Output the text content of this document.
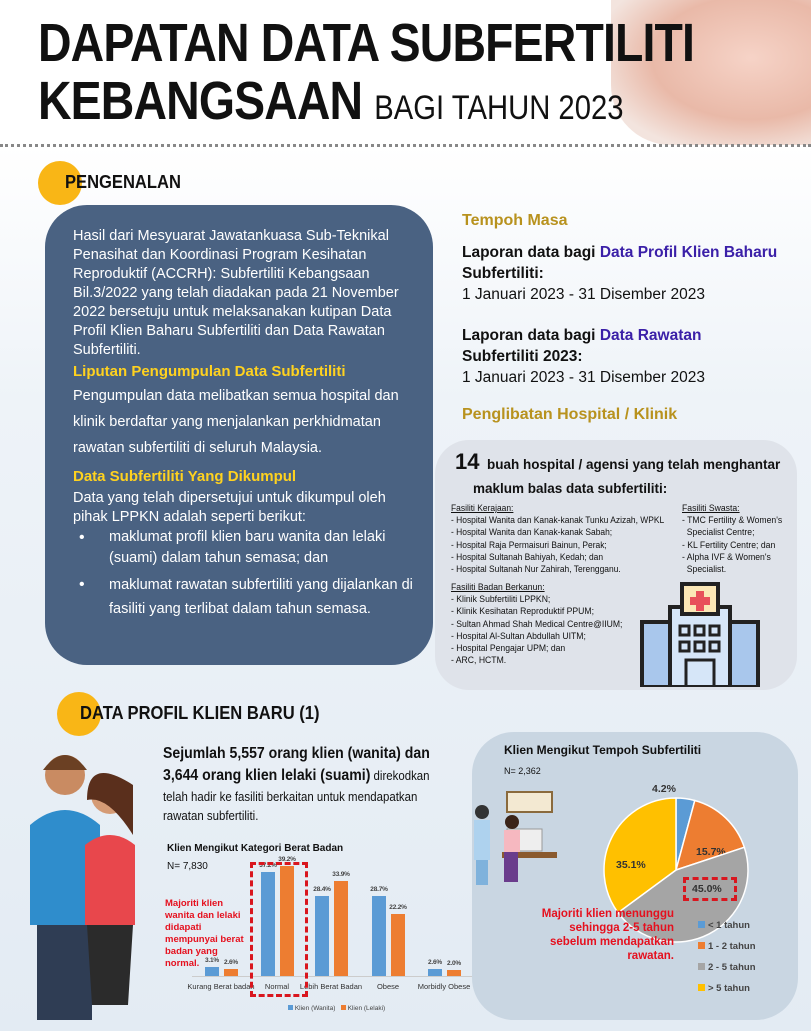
DAPATAN DATA SUBFERTILITI
KEBANGSAAN BAGI TAHUN 2023
PENGENALAN

Hasil dari Mesyuarat Jawatankuasa Sub-Teknikal Penasihat dan Koordinasi Program Kesihatan Reproduktif (ACCRH): Subfertiliti Kebangsaan Bil.3/2022 yang telah diadakan pada 21 November 2022 bersetuju untuk melaksanakan kutipan Data Profil Klien Baharu Subfertiliti dan Data Rawatan Subfertiliti.

Liputan Pengumpulan Data Subfertiliti

Pengumpulan data melibatkan semua hospital dan klinik berdaftar yang menjalankan perkhidmatan rawatan subfertiliti di seluruh Malaysia.

Data Subfertiliti Yang Dikumpul

Data yang telah dipersetujui untuk dikumpul oleh pihak LPPKN adalah seperti berikut:

• maklumat profil klien baru wanita dan lelaki (suami) dalam tahun semasa; dan
• maklumat rawatan subfertiliti yang dijalankan di fasiliti yang terlibat dalam tahun semasa.
Tempoh Masa
Laporan data bagi Data Profil Klien Baharu
Subfertiliti:
1 Januari 2023 - 31 Disember 2023
Laporan data bagi Data Rawatan
Subfertiliti 2023:
1 Januari 2023 - 31 Disember 2023
Penglibatan Hospital / Klinik
14 buah hospital / agensi yang telah menghantar
maklum balas data subfertiliti:
Fasiliti Kerajaan:
- Hospital Wanita dan Kanak-kanak Tunku Azizah, WPKL
- Hospital Wanita dan Kanak-kanak Sabah;
- Hospital Raja Permaisuri Bainun, Perak;
- Hospital Sultanah Bahiyah, Kedah; dan
- Hospital Sultanah Nur Zahirah, Terengganu.
Fasiliti Badan Berkanun:
- Klinik Subfertiliti LPPKN;
- Klinik Kesihatan Reproduktif PPUM;
- Sultan Ahmad Shah Medical Centre@IIUM;
- Hospital Al-Sultan Abdullah UITM;
- Hospital Pengajar UPM; dan
- ARC, HCTM.
Fasiliti Swasta:
- TMC Fertility & Women's
Specialist Centre;
- KL Fertility Centre; dan
- Alpha IVF & Women's
Specialist.
DATA PROFIL KLIEN BARU (1)
Sejumlah 5,557 orang klien (wanita) dan
3,644 orang klien lelaki (suami) direkodkan
telah hadir ke fasiliti berkaitan untuk mendapatkan
rawatan subfertiliti.
Klien Mengikut Kategori Berat Badan
N= 7,830
Majoriti klien wanita dan lelaki didapati mempunyai berat badan yang normal. 3.1% 2.6%
Kurang Berat badan
37.2%
39.2%
Normal
28.4%
33.9%
Lebih Berat Badan
28.7%
22.2%
Obese
2.6% 2.0%
Morbidly Obese
Klien (Wanita) Klien (Lelaki)
Klien Mengikut Tempoh Subfertiliti
N= 2,362
4.2%
15.7%
45.0%
35.1%
Majoriti klien menunggu
sehingga 2-5 tahun
sebelum mendapatkan
rawatan.
< 1 tahun
1 - 2 tahun
2 - 5 tahun
> 5 tahun
